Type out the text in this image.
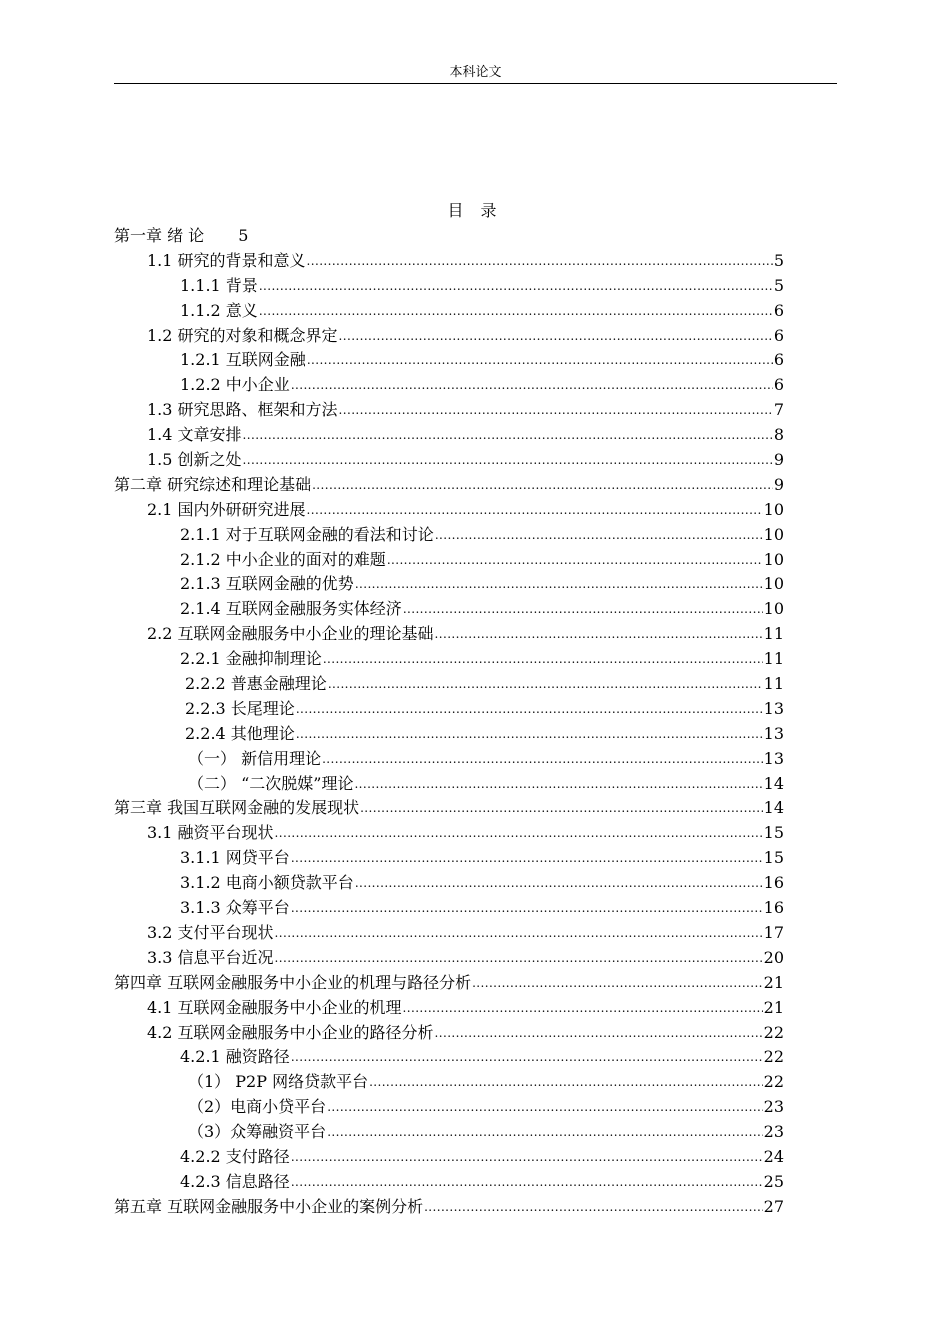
本科论文
目 录
第一章 绪 论 5
1.1 研究的背景和意义 .....	5
1.1.1 背景 .....	5
1.1.2 意义 .....	6
1.2 研究的对象和概念界定 .....	6
1.2.1 互联网金融 .....	6
1.2.2 中小企业 .....	6
1.3 研究思路、框架和方法 .....	7
1.4 文章安排 .....	8
1.5 创新之处 .....	9
第二章 研究综述和理论基础 .....	9
2.1 国内外研研究进展 .....	10
2.1.1 对于互联网金融的看法和讨论 .....	10
2.1.2 中小企业的面对的难题 .....	10
2.1.3 互联网金融的优势 .....	10
2.1.4 互联网金融服务实体经济 .....	10
2.2 互联网金融服务中小企业的理论基础 .....	11
2.2.1 金融抑制理论 .....	11
2.2.2 普惠金融理论 .....	11
2.2.3 长尾理论 .....	13
2.2.4 其他理论 .....	13
（一） 新信用理论 .....	13
（二） “二次脱媒”理论 .....	14
第三章 我国互联网金融的发展现状 .....	14
3.1 融资平台现状 .....	15
3.1.1 网贷平台 .....	15
3.1.2 电商小额贷款平台 .....	16
3.1.3 众筹平台 .....	16
3.2 支付平台现状 .....	17
3.3 信息平台近况 .....	20
第四章 互联网金融服务中小企业的机理与路径分析 .....	21
4.1 互联网金融服务中小企业的机理 .....	21
4.2 互联网金融服务中小企业的路径分析 .....	22
4.2.1 融资路径 .....	22
（1） P2P 网络贷款平台 .....	22
（2）电商小贷平台 .....	23
（3）众筹融资平台 .....	23
4.2.2 支付路径 .....	24
4.2.3 信息路径 .....	25
第五章 互联网金融服务中小企业的案例分析 .....	27
